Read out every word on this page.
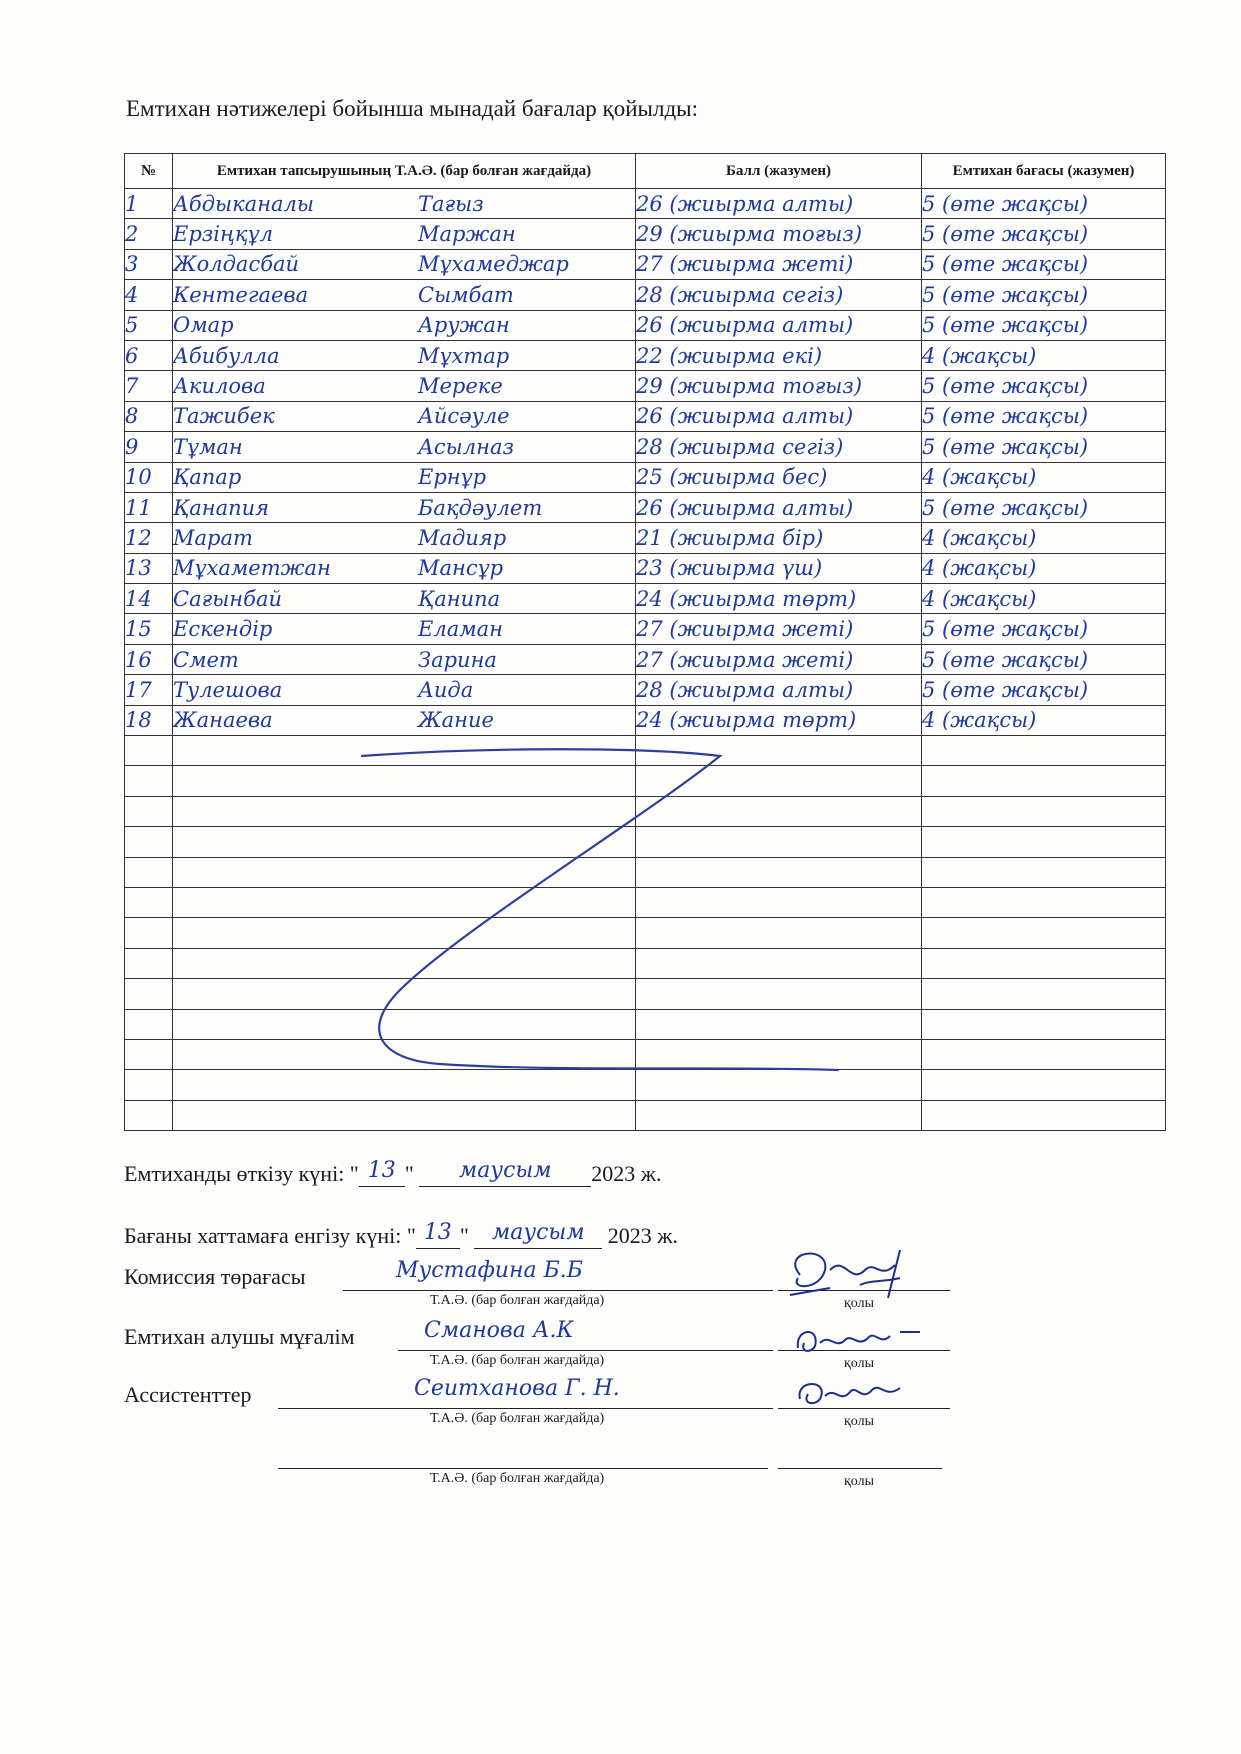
Емтихан нәтижелері бойынша мынадай бағалар қойылды:
№	Емтихан тапсырушының Т.А.Ә. (бар болған жағдайда)	Балл (жазумен)	Емтихан бағасы (жазумен)
1	Абдыканалы Тағыз	26 (жиырма алты)	5 (өте жақсы)
2	Ерзіңқұл Маржан	29 (жиырма тоғыз)	5 (өте жақсы)
3	Жолдасбай Мұхамеджар	27 (жиырма жеті)	5 (өте жақсы)
4	Кентегаева Сымбат	28 (жиырма сегіз)	5 (өте жақсы)
5	Омар Аружан	26 (жиырма алты)	5 (өте жақсы)
6	Абибулла Мұхтар	22 (жиырма екі)	4 (жақсы)
7	Акилова Мереке	29 (жиырма тоғыз)	5 (өте жақсы)
8	Тажибек Айсәуле	26 (жиырма алты)	5 (өте жақсы)
9	Тұман Асылназ	28 (жиырма сегіз)	5 (өте жақсы)
10	Қапар Ернұр	25 (жиырма бес)	4 (жақсы)
11	Қанапия Бақдәулет	26 (жиырма алты)	5 (өте жақсы)
12	Марат Мадияр	21 (жиырма бір)	4 (жақсы)
13	Мұхаметжан Мансұр	23 (жиырма үш)	4 (жақсы)
14	Сағынбай Қанипа	24 (жиырма төрт)	4 (жақсы)
15	Ескендір Еламан	27 (жиырма жеті)	5 (өте жақсы)
16	Смет Зарина	27 (жиырма жеті)	5 (өте жақсы)
17	Тулешова Аида	28 (жиырма алты)	5 (өте жақсы)
18	Жанаева Жание	24 (жиырма төрт)	4 (жақсы)

Емтиханды өткізу күні: " 13 " маусым 2023 ж.
Бағаны хаттамаға енгізу күні: " 13 " маусым 2023 ж.
Комиссия төрағасы	Мустафина Б.Б
Т.А.Ә. (бар болған жағдайда)	қолы
Емтихан алушы мұғалім	Сманова А.К
Т.А.Ә. (бар болған жағдайда)	қолы
Ассистенттер	Сеитханова Г. Н.
Т.А.Ә. (бар болған жағдайда)	қолы
Т.А.Ә. (бар болған жағдайда)	қолы
